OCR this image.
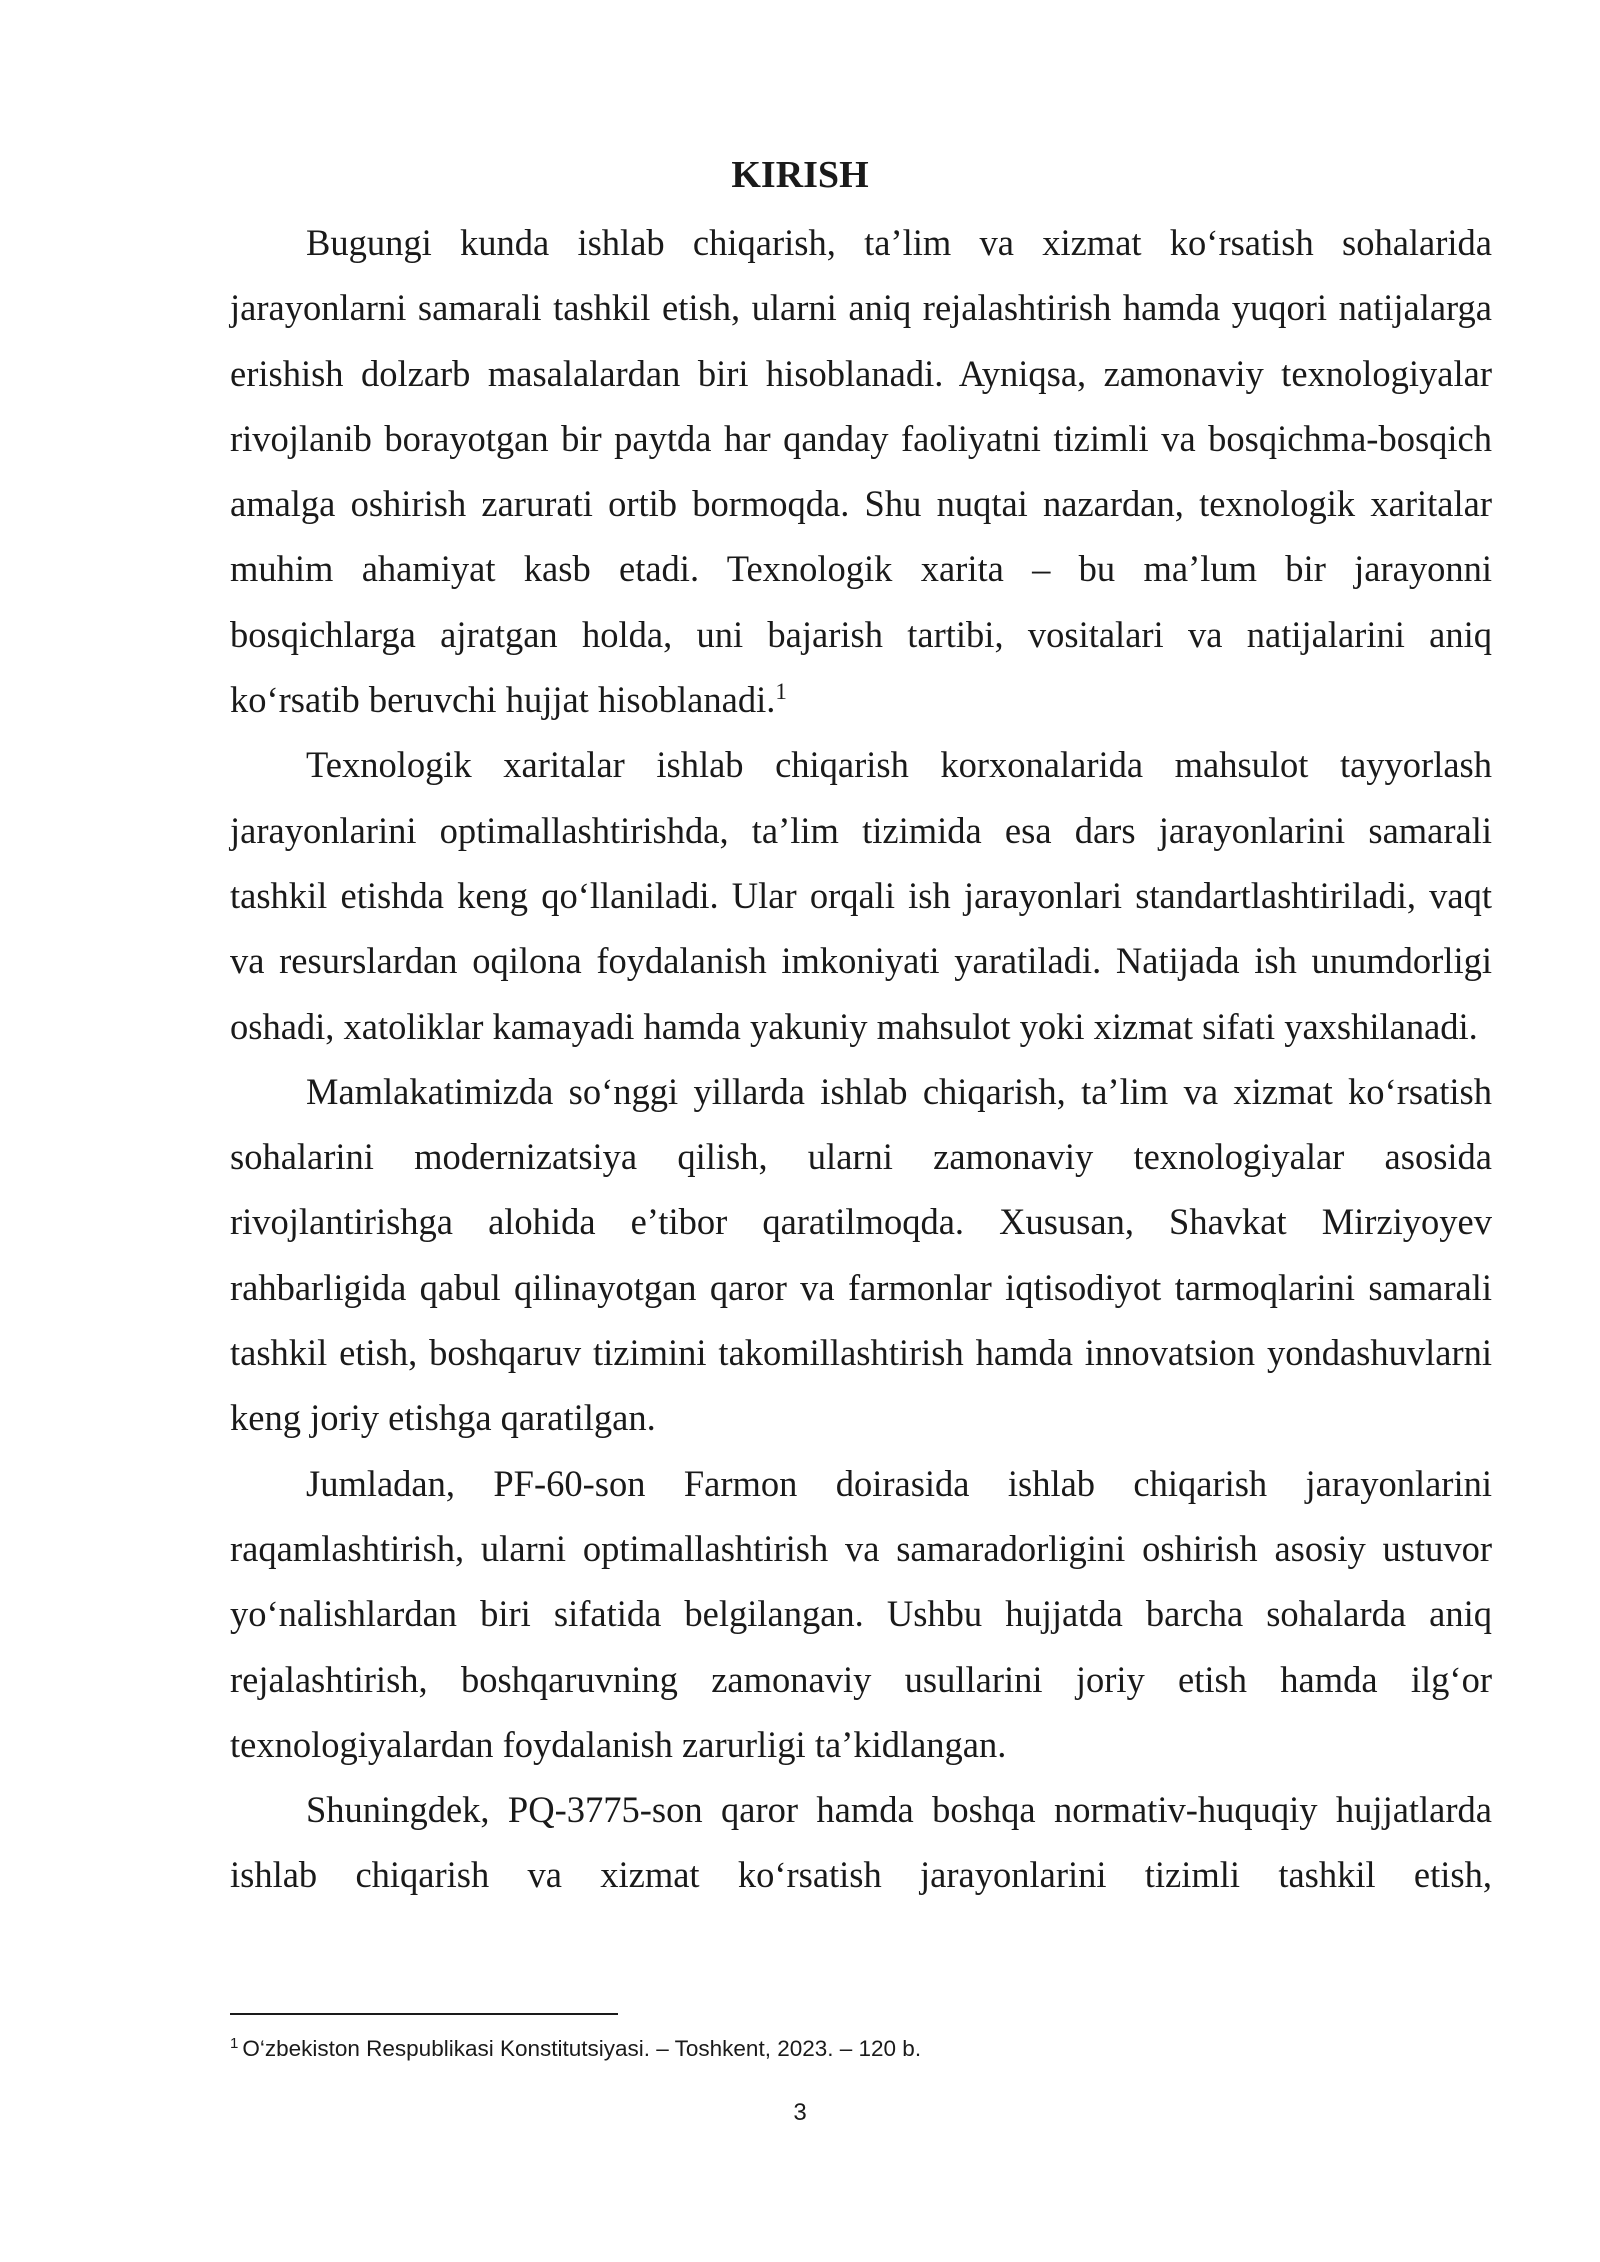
KIRISH

Bugungi kunda ishlab chiqarish, ta’lim va xizmat ko‘rsatish sohalarida jarayonlarni samarali tashkil etish, ularni aniq rejalashtirish hamda yuqori natijalarga erishish dolzarb masalalardan biri hisoblanadi. Ayniqsa, zamonaviy texnologiyalar rivojlanib borayotgan bir paytda har qanday faoliyatni tizimli va bosqichma-bosqich amalga oshirish zarurati ortib bormoqda. Shu nuqtai nazardan, texnologik xaritalar muhim ahamiyat kasb etadi. Texnologik xarita – bu ma’lum bir jarayonni bosqichlarga ajratgan holda, uni bajarish tartibi, vositalari va natijalarini aniq ko‘rsatib beruvchi hujjat hisoblanadi.$^1$

Texnologik xaritalar ishlab chiqarish korxonalarida mahsulot tayyorlash jarayonlarini optimallashtirishda, ta’lim tizimida esa dars jarayonlarini samarali tashkil etishda keng qo‘llaniladi. Ular orqali ish jarayonlari standartlashtiriladi, vaqt va resurslardan oqilona foydalanish imkoniyati yaratiladi. Natijada ish unumdorligi oshadi, xatoliklar kamayadi hamda yakuniy mahsulot yoki xizmat sifati yaxshilanadi.

Mamlakatimizda so‘nggi yillarda ishlab chiqarish, ta’lim va xizmat ko‘rsatish sohalarini modernizatsiya qilish, ularni zamonaviy texnologiyalar asosida rivojlantirishga alohida e’tibor qaratilmoqda. Xususan, Shavkat Mirziyoyev rahbarligida qabul qilinayotgan qaror va farmonlar iqtisodiyot tarmoqlarini samarali tashkil etish, boshqaruv tizimini takomillashtirish hamda innovatsion yondashuvlarni keng joriy etishga qaratilgan.

Jumladan, PF-60-son Farmon doirasida ishlab chiqarish jarayonlarini raqamlashtirish, ularni optimallashtirish va samaradorligini oshirish asosiy ustuvor yo‘nalishlardan biri sifatida belgilangan. Ushbu hujjatda barcha sohalarda aniq rejalashtirish, boshqaruvning zamonaviy usullarini joriy etish hamda ilg‘or texnologiyalardan foydalanish zarurligi ta’kidlangan.

Shuningdek, PQ-3775-son qaror hamda boshqa normativ-huquqiy hujjatlarda ishlab chiqarish va xizmat ko‘rsatish jarayonlarini tizimli tashkil etish,

$^1$ O‘zbekiston Respublikasi Konstitutsiyasi. – Toshkent, 2023. – 120 b.

3
